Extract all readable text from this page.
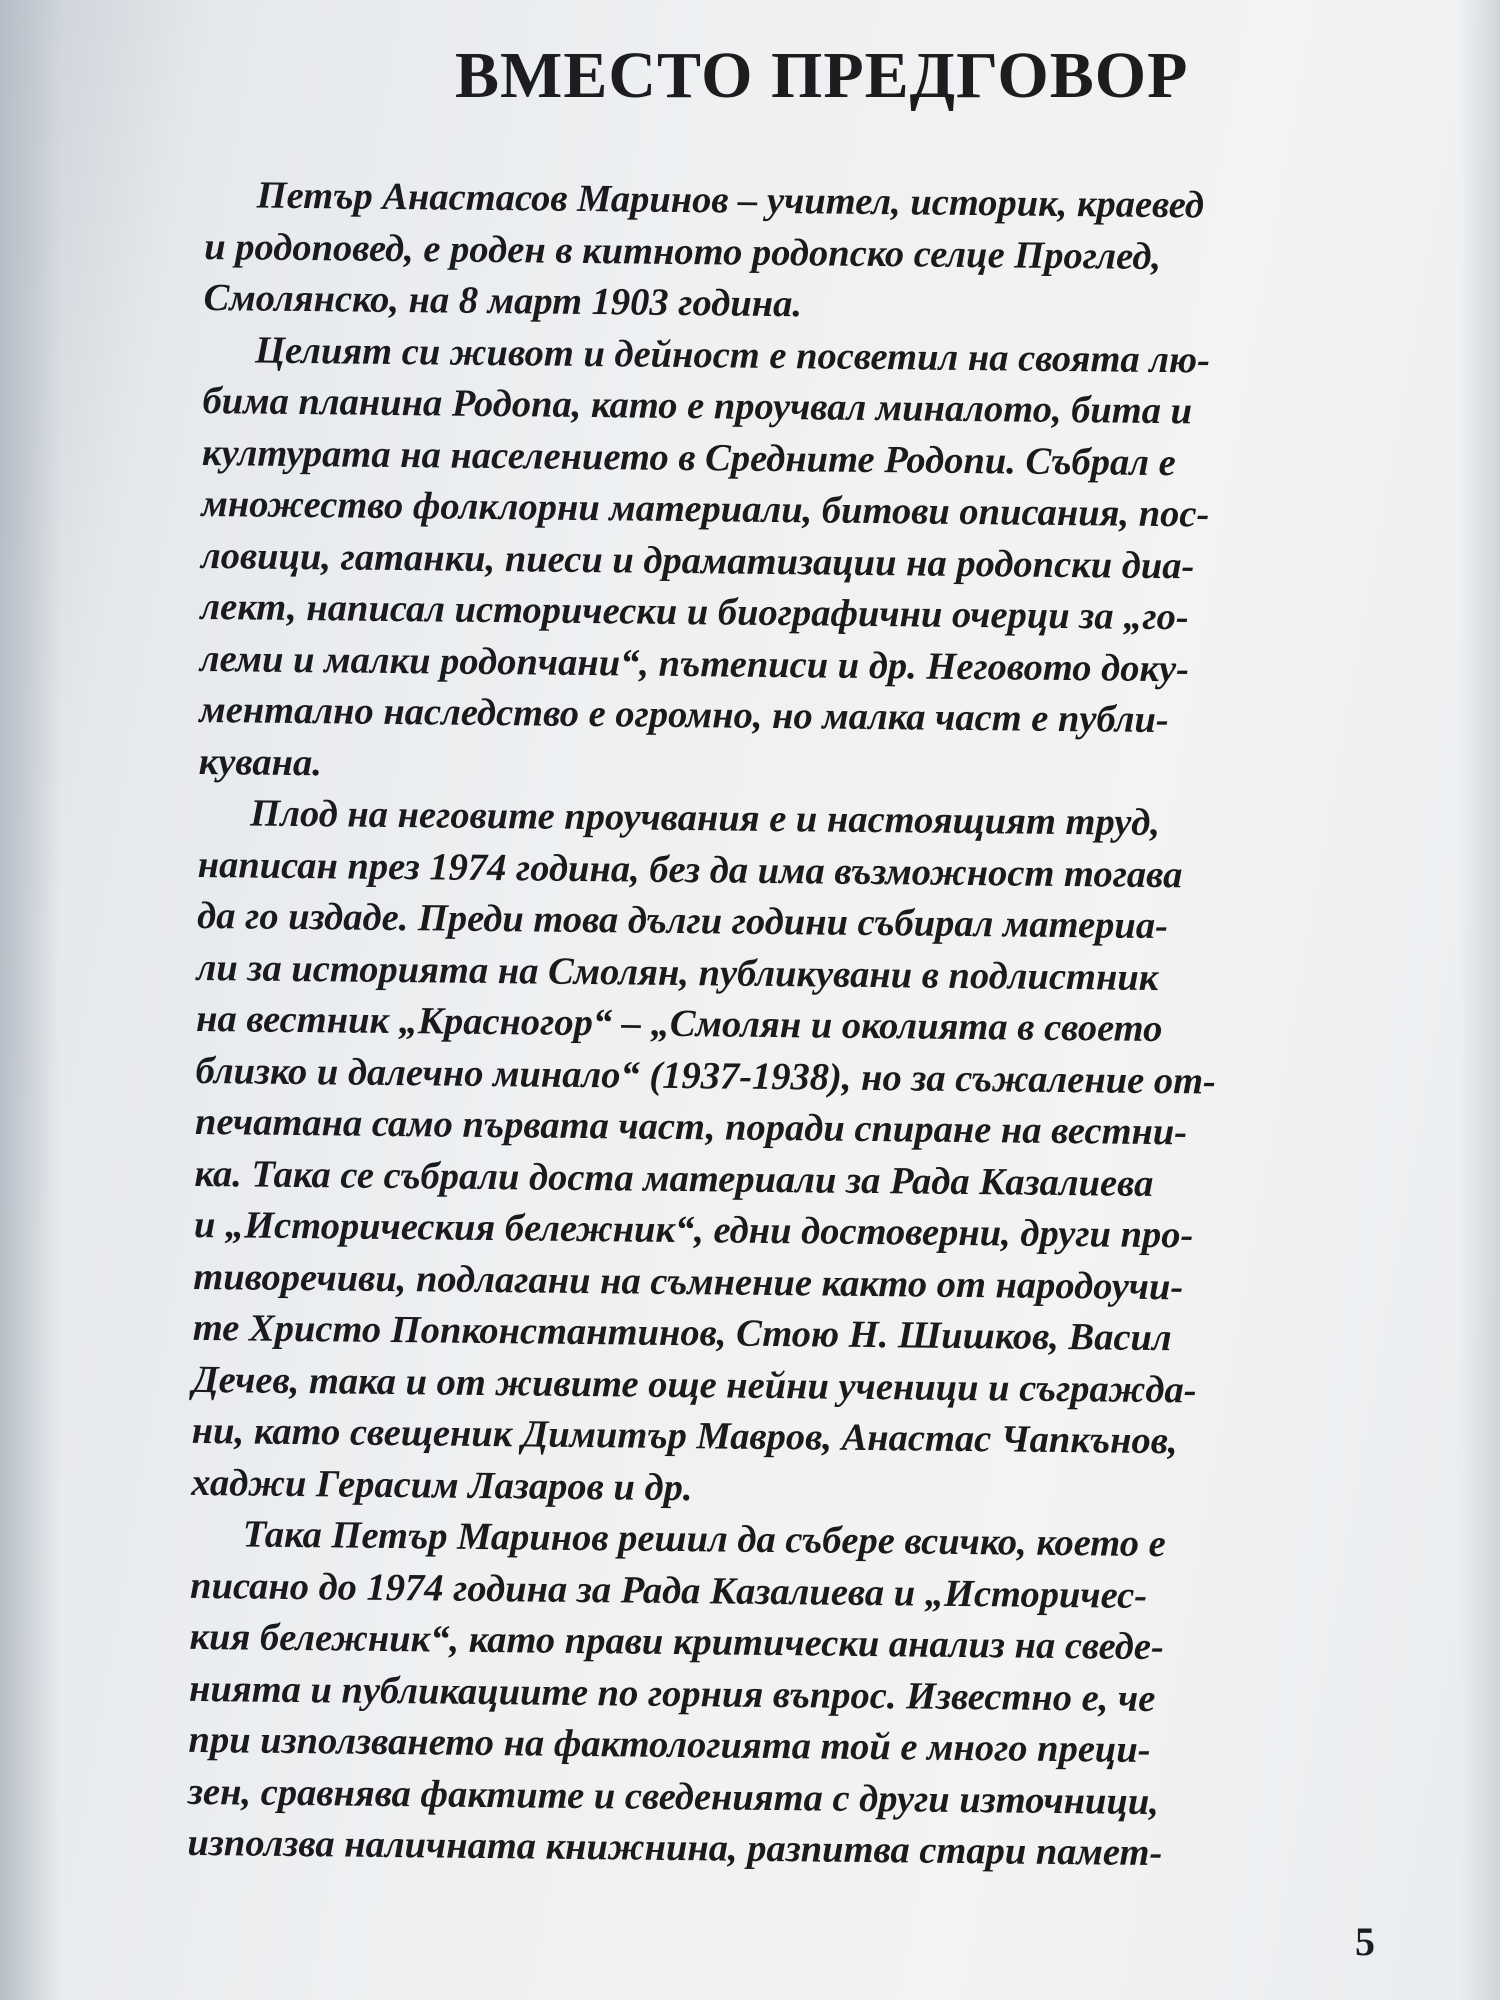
ВМЕСТО ПРЕДГОВОР
Петър Анастасов Маринов – учител, историк, краевед
и родоповед, е роден в китното родопско селце Проглед,
Смолянско, на 8 март 1903 година.
Целият си живот и дейност е посветил на своята лю-
бима планина Родопа, като е проучвал миналото, бита и
културата на населението в Средните Родопи. Събрал е
множество фолклорни материали, битови описания, пос-
ловици, гатанки, пиеси и драматизации на родопски диа-
лект, написал исторически и биографични очерци за „го-
леми и малки родопчани“, пътеписи и др. Неговото доку-
ментално наследство е огромно, но малка част е публи-
кувана.
Плод на неговите проучвания е и настоящият труд,
написан през 1974 година, без да има възможност тогава
да го издаде. Преди това дълги години събирал материа-
ли за историята на Смолян, публикувани в подлистник
на вестник „Красногор“ – „Смолян и околията в своето
близко и далечно минало“ (1937-1938), но за съжаление от-
печатана само първата част, поради спиране на вестни-
ка. Така се събрали доста материали за Рада Казалиева
и „Историческия бележник“, едни достоверни, други про-
тиворечиви, подлагани на съмнение както от народоучи-
те Христо Попконстантинов, Стою Н. Шишков, Васил
Дечев, така и от живите още нейни ученици и съгражда-
ни, като свещеник Димитър Мавров, Анастас Чапкънов,
хаджи Герасим Лазаров и др.
Така Петър Маринов решил да събере всичко, което е
писано до 1974 година за Рада Казалиева и „Историчес-
кия бележник“, като прави критически анализ на сведе-
нията и публикациите по горния въпрос. Известно е, че
при използването на фактологията той е много преци-
зен, сравнява фактите и сведенията с други източници,
използва наличната книжнина, разпитва стари памет-
5
